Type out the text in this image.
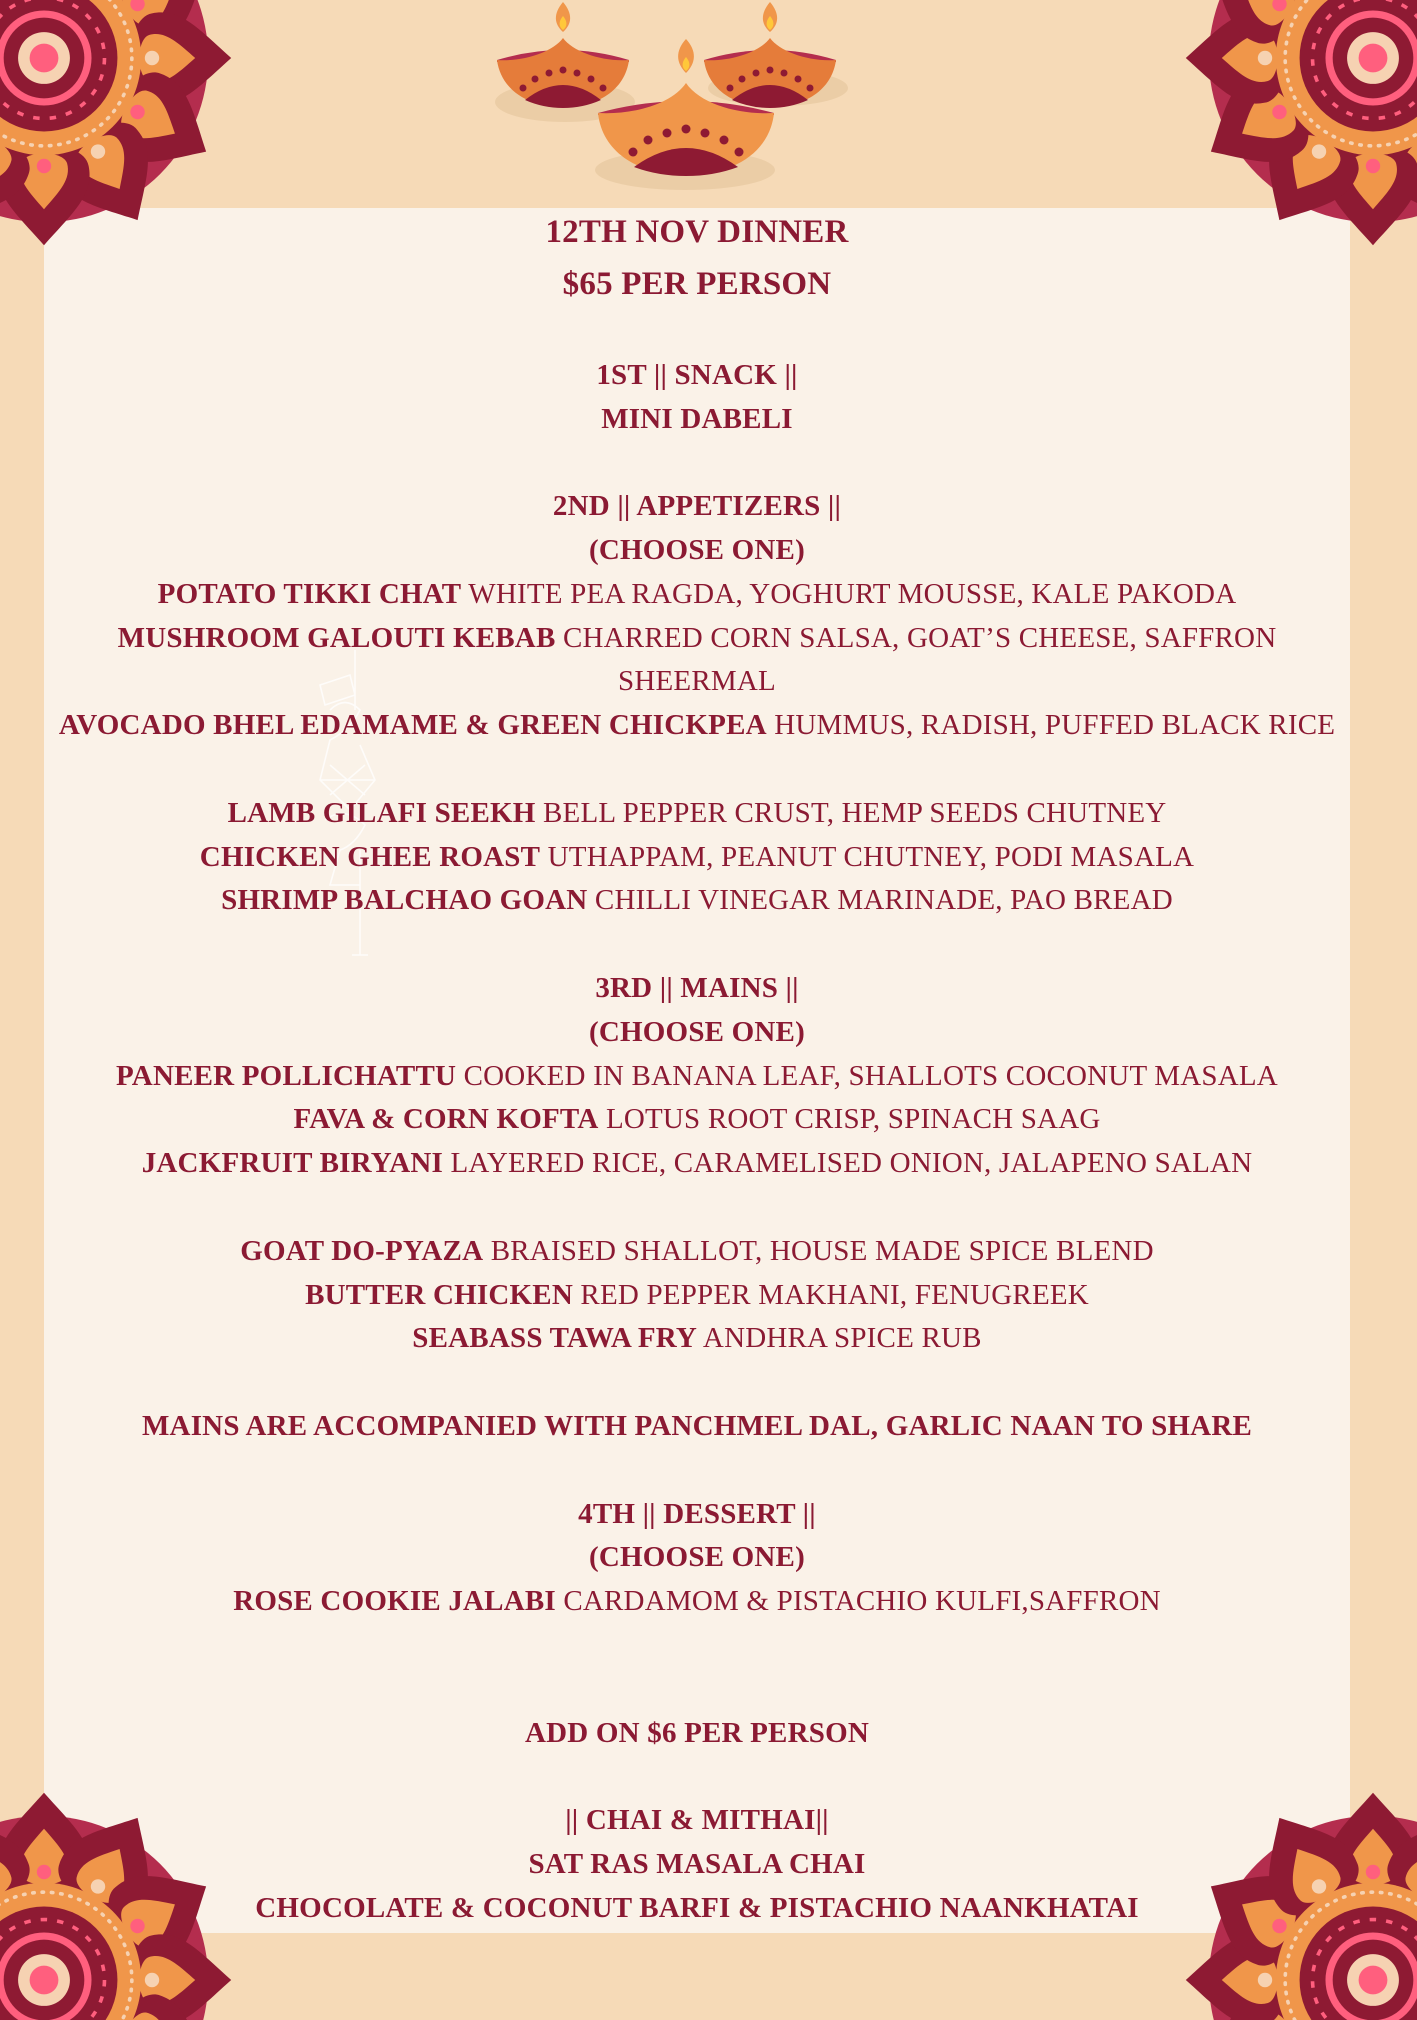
12TH NOV DINNER
$65 PER PERSON
1ST || SNACK ||
MINI DABELI
2ND || APPETIZERS ||
(CHOOSE ONE)
POTATO TIKKI CHAT WHITE PEA RAGDA, YOGHURT MOUSSE, KALE PAKODA
MUSHROOM GALOUTI KEBAB CHARRED CORN SALSA, GOAT’S CHEESE, SAFFRON
SHEERMAL
AVOCADO BHEL EDAMAME & GREEN CHICKPEA HUMMUS, RADISH, PUFFED BLACK RICE
LAMB GILAFI SEEKH BELL PEPPER CRUST, HEMP SEEDS CHUTNEY
CHICKEN GHEE ROAST UTHAPPAM, PEANUT CHUTNEY, PODI MASALA
SHRIMP BALCHAO GOAN CHILLI VINEGAR MARINADE, PAO BREAD
3RD || MAINS ||
(CHOOSE ONE)
PANEER POLLICHATTU COOKED IN BANANA LEAF, SHALLOTS COCONUT MASALA
FAVA & CORN KOFTA LOTUS ROOT CRISP, SPINACH SAAG
JACKFRUIT BIRYANI LAYERED RICE, CARAMELISED ONION, JALAPENO SALAN
GOAT DO-PYAZA BRAISED SHALLOT, HOUSE MADE SPICE BLEND
BUTTER CHICKEN RED PEPPER MAKHANI, FENUGREEK
SEABASS TAWA FRY ANDHRA SPICE RUB
MAINS ARE ACCOMPANIED WITH PANCHMEL DAL, GARLIC NAAN TO SHARE
4TH || DESSERT ||
(CHOOSE ONE)
ROSE COOKIE JALABI CARDAMOM & PISTACHIO KULFI,SAFFRON
ADD ON $6 PER PERSON
|| CHAI & MITHAI||
SAT RAS MASALA CHAI
CHOCOLATE & COCONUT BARFI & PISTACHIO NAANKHATAI
